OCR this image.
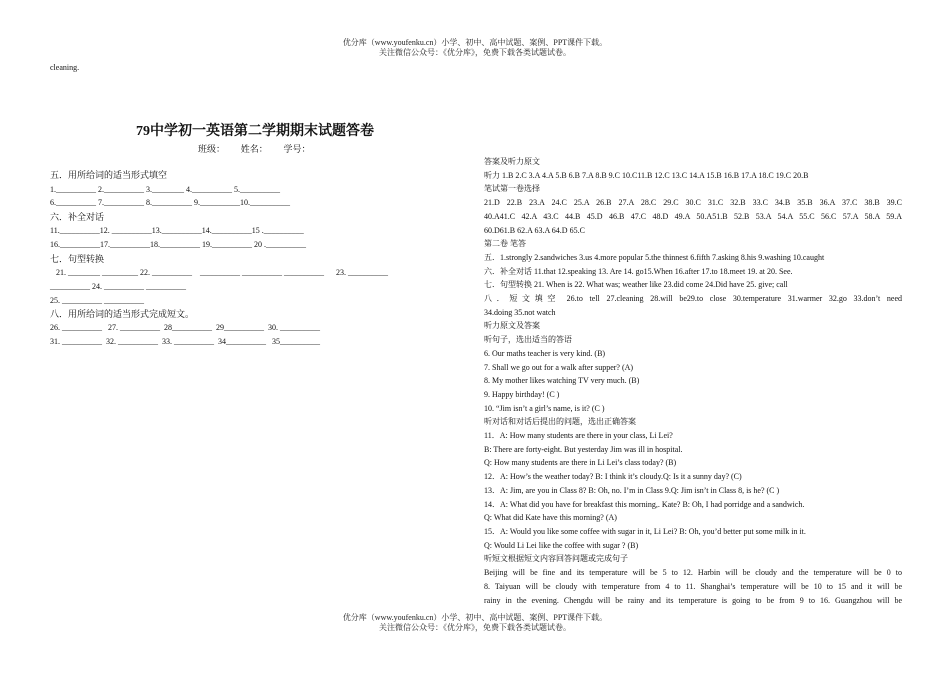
优分库（www.youfenku.cn）小学、初中、高中试题、案例、PPT课件下载。
关注微信公众号：《优分库》，免费下载各类试题试卷。
cleaning.
79中学初一英语第二学期期末试题答卷
班级：       姓名：       学号：
五．用所给词的适当形式填空
1.__________ 2.__________ 3.________ 4.__________ 5.__________
6.__________ 7.__________ 8.__________ 9.__________10.__________
六．补全对话
11.__________12. __________13.__________14.__________15 .__________
16.__________17.__________18.__________ 19.__________ 20 .__________
七．句型转换
21. ________ _________ 22. __________    __________ __________ __________      23. __________
__________ 24. __________ __________
25. __________ __________
八．用所给词的适当形式完成短文。
26. __________   27. __________  28__________  29__________  30. __________
31. __________  32. __________  33. __________  34__________   35__________
答案及听力原文
听力 1.B 2.C 3.A 4.A 5.B 6.B 7.A 8.B 9.C 10.C11.B 12.C 13.C 14.A 15.B 16.B 17.A 18.C 19.C 20.B
笔试第一卷选择
21.D 22.B 23.A 24.C 25.A 26.B 27.A 28.C 29.C 30.C 31.C 32.B 33.C 34.B 35.B 36.A 37.C 38.B 39.C
40.A41.C 42.A 43.C 44.B 45.D 46.B 47.C 48.D 49.A 50.A51.B 52.B 53.A 54.A 55.C 56.C 57.A 58.A 59.A
60.D61.B 62.A 63.A 64.D 65.C
第二卷 笔答
五．1.strongly 2.sandwiches 3.us 4.more popular 5.the thinnest 6.fifth 7.asking 8.his 9.washing 10.caught
六．补全对话 11.that 12.speaking 13. Are 14. go15.When 16.after 17.to 18.meet 19. at 20. See.
七．句型转换 21. When is 22. What was; weather like 23.did come 24.Did have 25. give; call
八．短文填空 26.to tell 27.cleaning 28.will be29.to close 30.temperature 31.warmer 32.go 33.don’t need
34.doing 35.not watch
听力原文及答案
听句子，选出适当的答语
6. Our maths teacher is very kind. (B)
7. Shall we go out for a walk after supper? (A)
8. My mother likes watching TV very much. (B)
9. Happy birthday! (C )
10. “Jim isn’t a girl’s name, is it? (C )
听对话和对话后提出的问题，选出正确答案
11．A: How many students are there in your class, Li Lei?
B: There are forty-eight. But yesterday Jim was ill in hospital.
Q: How many students are there in Li Lei’s class today? (B)
12．A: How’s the weather today? B: I think it’s cloudy.Q: Is it a sunny day? (C)
13．A: Jim, are you in Class 8? B: Oh, no. I’m in Class 9.Q: Jim isn’t in Class 8, is he? (C )
14．A: What did you have for breakfast this morning,. Kate? B: Oh, I had porridge and a sandwich.
Q: What did Kate have this morning? (A)
15．A: Would you like some coffee with sugar in it, Li Lei? B: Oh, you’d better put some milk in it.
Q: Would Li Lei like the coffee with sugar ? (B)
听短文根据短文内容回答问题或完成句子
Beijing will be fine and its temperature will be 5 to 12. Harbin will be cloudy and the temperature will be 0 to
8. Taiyuan will be cloudy with temperature from 4 to 11. Shanghai’s temperature will be 10 to 15 and it will be
rainy in the evening. Chengdu will be rainy and its temperature is going to be from 9 to 16. Guangzhou will be
优分库（www.youfenku.cn）小学、初中、高中试题、案例、PPT课件下载。
关注微信公众号：《优分库》，免费下载各类试题试卷。
